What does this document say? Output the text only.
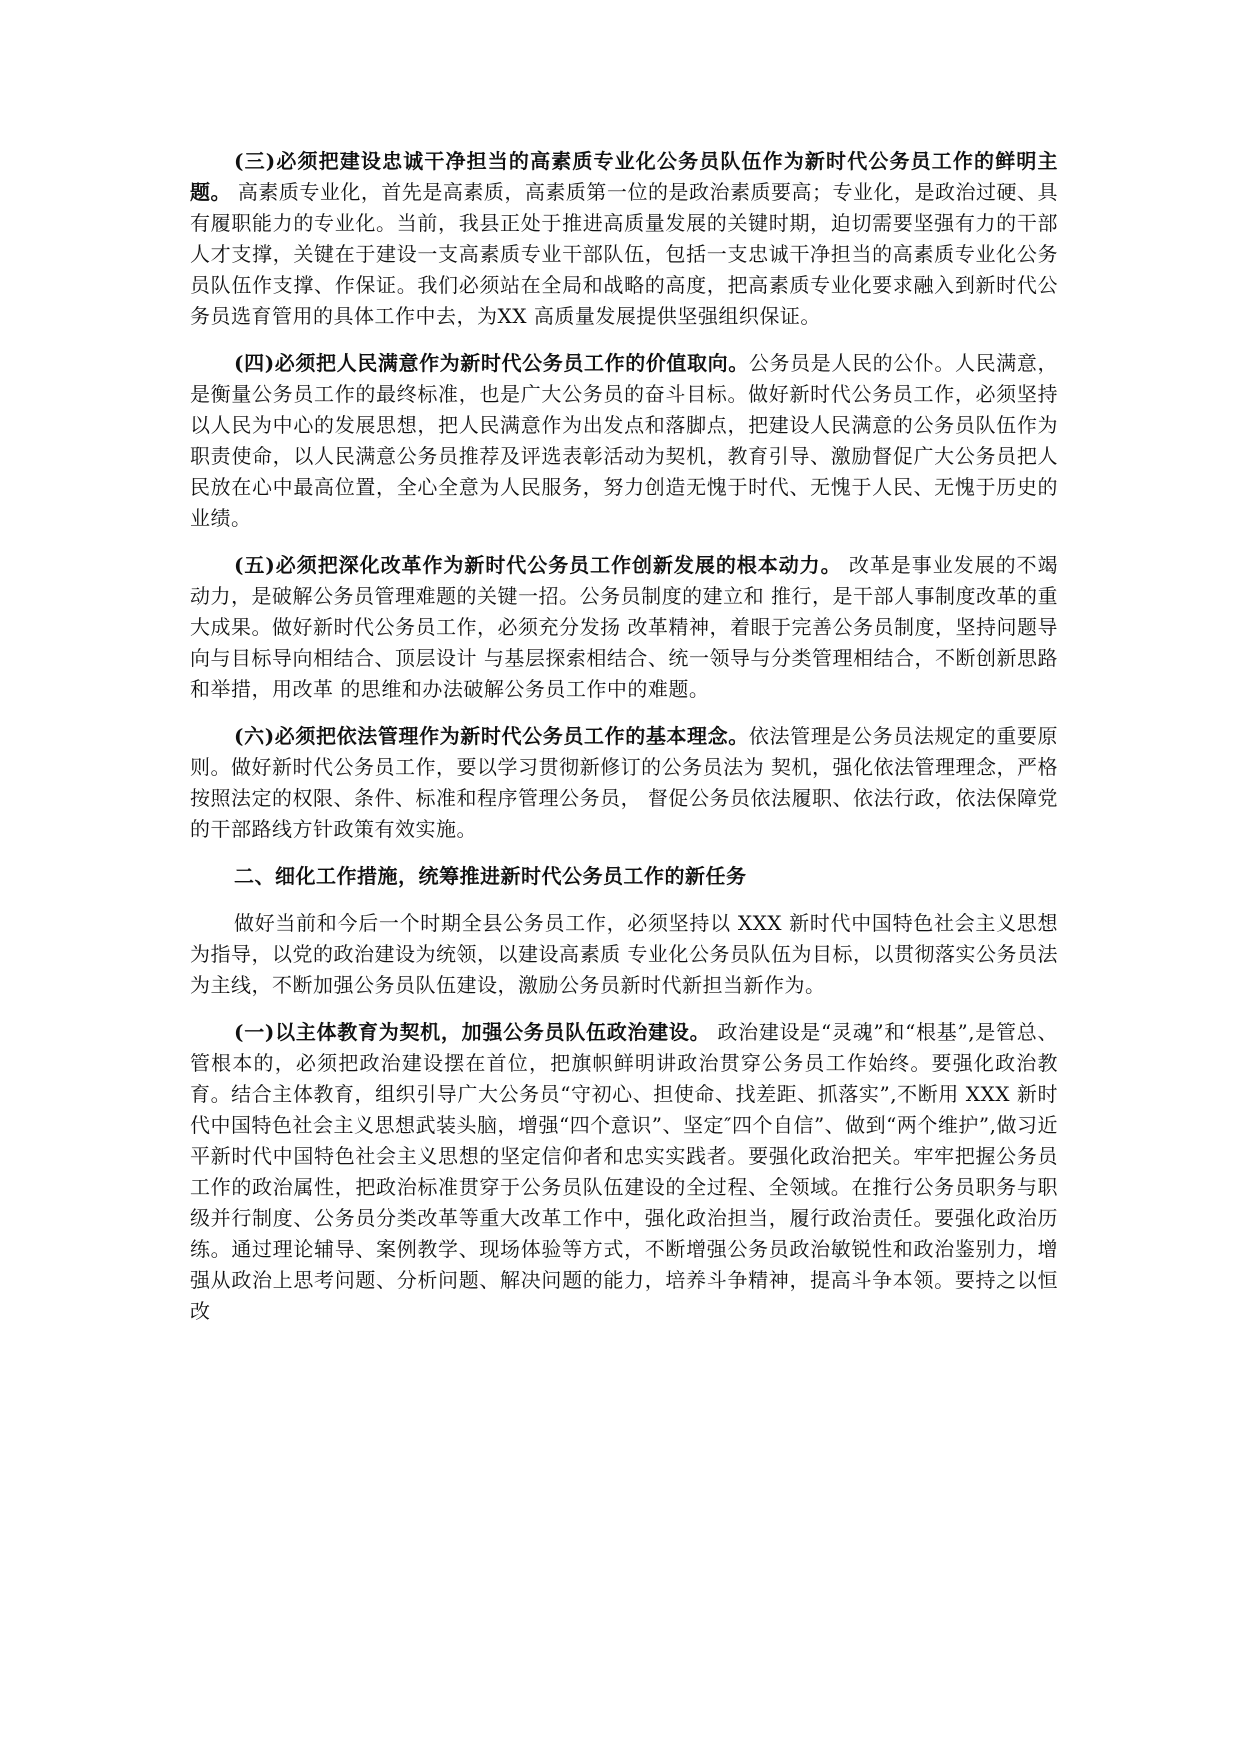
(三)必须把建设忠诚干净担当的高素质专业化公务员队伍作为新时代公务员工作的鲜明主题。 高素质专业化，首先是高素质，高素质第一位的是政治素质要高；专业化，是政治过硬、具有履职能力的专业化。当前，我县正处于推进高质量发展的关键时期，迫切需要坚强有力的干部人才支撑，关键在于建设一支高素质专业干部队伍，包括一支忠诚干净担当的高素质专业化公务员队伍作支撑、作保证。我们必须站在全局和战略的高度，把高素质专业化要求融入到新时代公务员选育管用的具体工作中去，为XX 高质量发展提供坚强组织保证。

(四)必须把人民满意作为新时代公务员工作的价值取向。公务员是人民的公仆。人民满意，是衡量公务员工作的最终标准，也是广大公务员的奋斗目标。做好新时代公务员工作，必须坚持以人民为中心的发展思想，把人民满意作为出发点和落脚点，把建设人民满意的公务员队伍作为职责使命，以人民满意公务员推荐及评选表彰活动为契机，教育引导、激励督促广大公务员把人民放在心中最高位置，全心全意为人民服务，努力创造无愧于时代、无愧于人民、无愧于历史的 业绩。

(五)必须把深化改革作为新时代公务员工作创新发展的根本动力。 改革是事业发展的不竭动力，是破解公务员管理难题的关键一招。公务员制度的建立和 推行，是干部人事制度改革的重大成果。做好新时代公务员工作，必须充分发扬 改革精神，着眼于完善公务员制度，坚持问题导向与目标导向相结合、顶层设计 与基层探索相结合、统一领导与分类管理相结合，不断创新思路和举措，用改革 的思维和办法破解公务员工作中的难题。

(六)必须把依法管理作为新时代公务员工作的基本理念。依法管理是公务员法规定的重要原则。做好新时代公务员工作，要以学习贯彻新修订的公务员法为 契机，强化依法管理理念，严格按照法定的权限、条件、标准和程序管理公务员， 督促公务员依法履职、依法行政，依法保障党的干部路线方针政策有效实施。

二、细化工作措施，统筹推进新时代公务员工作的新任务

做好当前和今后一个时期全县公务员工作，必须坚持以 XXX 新时代中国特色社会主义思想为指导，以党的政治建设为统领，以建设高素质 专业化公务员队伍为目标，以贯彻落实公务员法为主线，不断加强公务员队伍建设，激励公务员新时代新担当新作为。

(一)以主体教育为契机，加强公务员队伍政治建设。 政治建设是“灵魂”和“根基”,是管总、管根本的，必须把政治建设摆在首位，把旗帜鲜明讲政治贯穿公务员工作始终。要强化政治教育。结合主体教育，组织引导广大公务员“守初心、担使命、找差距、抓落实”,不断用 XXX 新时代中国特色社会主义思想武装头脑，增强“四个意识”、坚定″四个自信”、做到“两个维护”,做习近平新时代中国特色社会主义思想的坚定信仰者和忠实实践者。要强化政治把关。牢牢把握公务员工作的政治属性，把政治标准贯穿于公务员队伍建设的全过程、全领域。在推行公务员职务与职级并行制度、公务员分类改革等重大改革工作中，强化政治担当，履行政治责任。要强化政治历练。通过理论辅导、案例教学、现场体验等方式，不断增强公务员政治敏锐性和政治鉴别力，增强从政治上思考问题、分析问题、解决问题的能力，培养斗争精神，提高斗争本领。要持之以恒改
